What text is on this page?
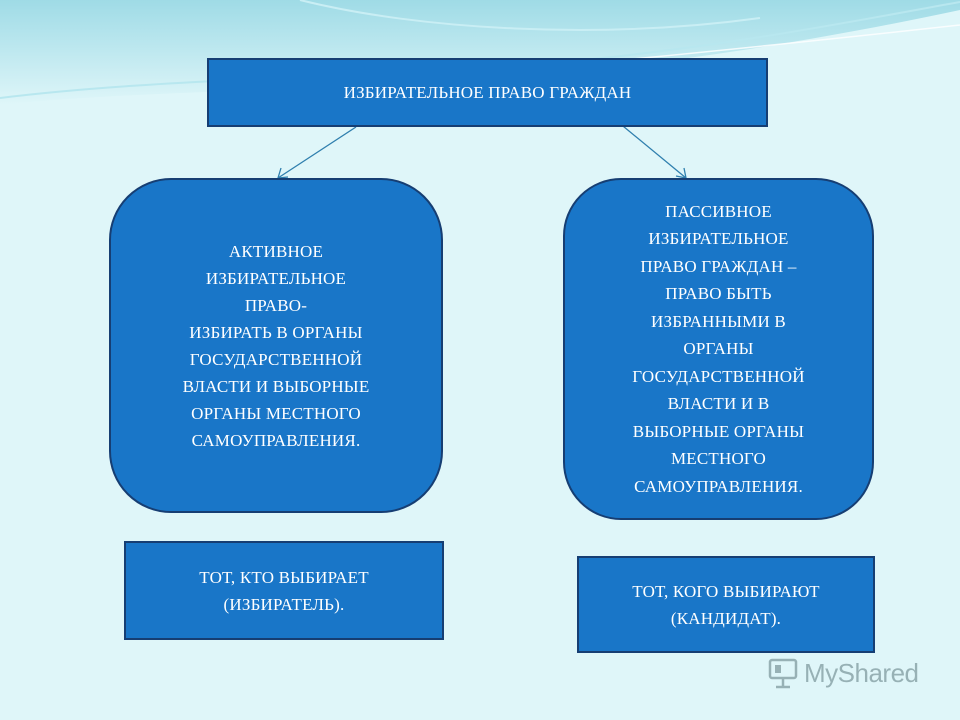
ИЗБИРАТЕЛЬНОЕ ПРАВО ГРАЖДАН
АКТИВНОЕ
ИЗБИРАТЕЛЬНОЕ
ПРАВО-
ИЗБИРАТЬ В ОРГАНЫ
ГОСУДАРСТВЕННОЙ
ВЛАСТИ И ВЫБОРНЫЕ
ОРГАНЫ МЕСТНОГО
САМОУПРАВЛЕНИЯ.
ПАССИВНОЕ
ИЗБИРАТЕЛЬНОЕ
ПРАВО ГРАЖДАН –
ПРАВО БЫТЬ
ИЗБРАННЫМИ В
ОРГАНЫ
ГОСУДАРСТВЕННОЙ
ВЛАСТИ И В
ВЫБОРНЫЕ ОРГАНЫ
МЕСТНОГО
САМОУПРАВЛЕНИЯ.
ТОТ, КТО ВЫБИРАЕТ
(ИЗБИРАТЕЛЬ).
ТОТ, КОГО ВЫБИРАЮТ
(КАНДИДАТ).
MyShared
